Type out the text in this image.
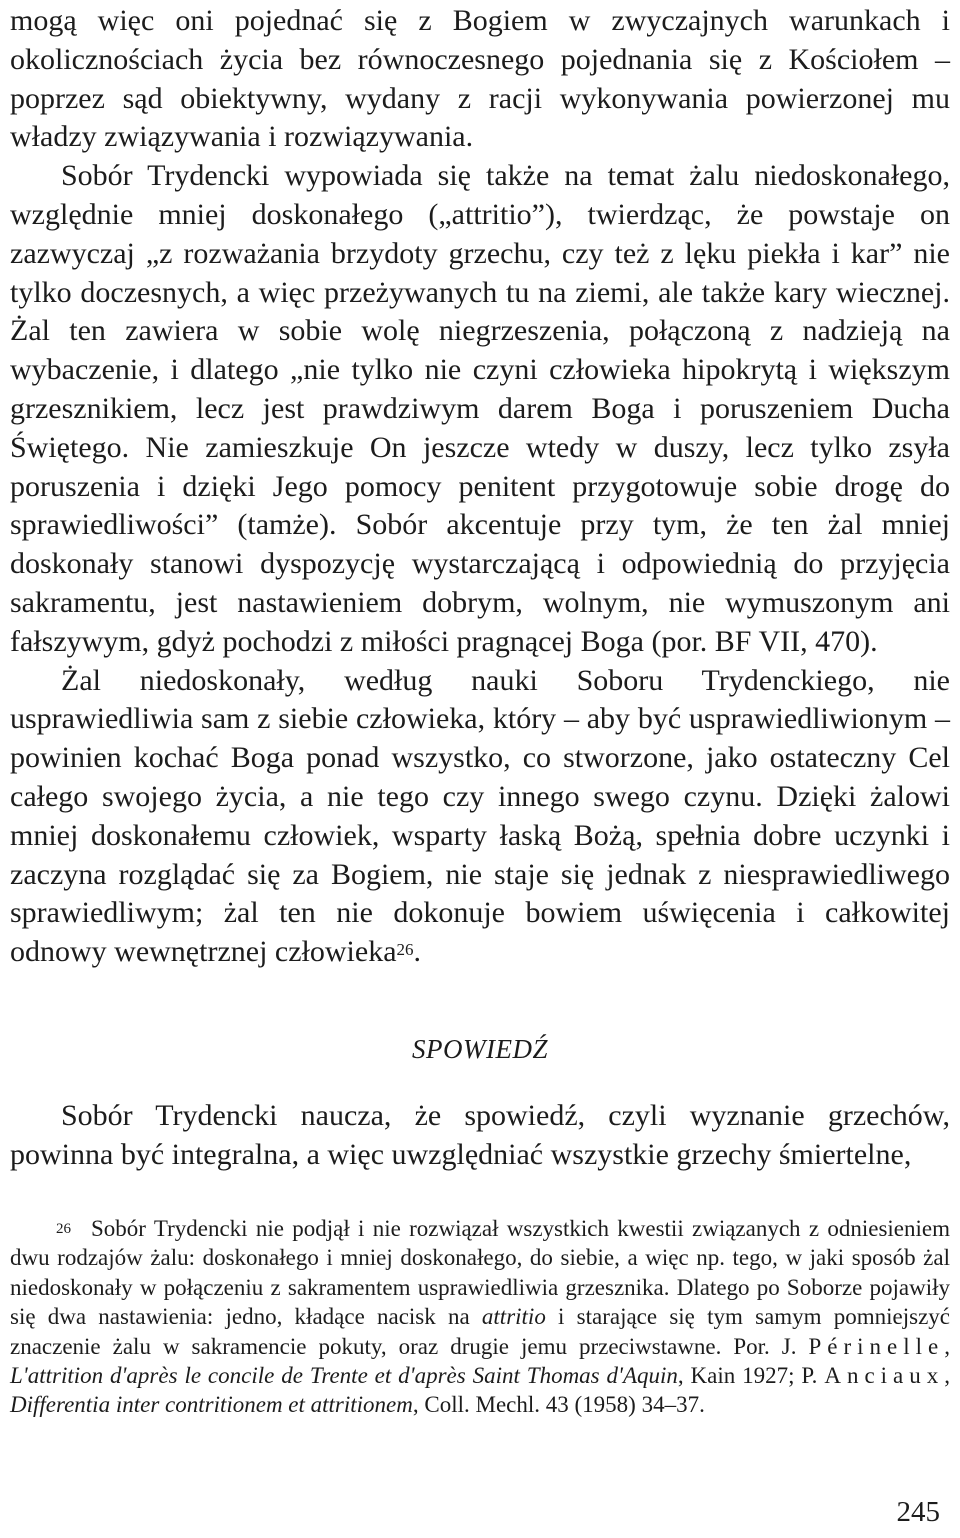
mogą więc oni pojednać się z Bogiem w zwyczajnych warunkach i okolicznościach życia bez równoczesnego pojednania się z Kościołem – poprzez sąd obiektywny, wydany z racji wykonywania powierzonej mu władzy związywania i rozwiązywania.

Sobór Trydencki wypowiada się także na temat żalu niedoskonałego, względnie mniej doskonałego („attritio”), twierdząc, że powstaje on zazwyczaj „z rozważania brzydoty grzechu, czy też z lęku piekła i kar” nie tylko doczesnych, a więc przeżywanych tu na ziemi, ale także kary wiecznej. Żal ten zawiera w sobie wolę niegrzeszenia, połączoną z nadzieją na wybaczenie, i dlatego „nie tylko nie czyni człowieka hipokrytą i większym grzesznikiem, lecz jest prawdziwym darem Boga i poruszeniem Ducha Świętego. Nie zamieszkuje On jeszcze wtedy w duszy, lecz tylko zsyła poruszenia i dzięki Jego pomocy penitent przygotowuje sobie drogę do sprawiedliwości” (tamże). Sobór akcentuje przy tym, że ten żal mniej doskonały stanowi dyspozycję wystarczającą i odpowiednią do przyjęcia sakramentu, jest nastawieniem dobrym, wolnym, nie wymuszonym ani fałszywym, gdyż pochodzi z miłości pragnącej Boga (por. BF VII, 470).

Żal niedoskonały, według nauki Soboru Trydenckiego, nie usprawiedliwia sam z siebie człowieka, który – aby być usprawiedliwionym – powinien kochać Boga ponad wszystko, co stworzone, jako ostateczny Cel całego swojego życia, a nie tego czy innego swego czynu. Dzięki żalowi mniej doskonałemu człowiek, wsparty łaską Bożą, spełnia dobre uczynki i zaczyna rozglądać się za Bogiem, nie staje się jednak z niesprawiedliwego sprawiedliwym; żal ten nie dokonuje bowiem uświęcenia i całkowitej odnowy wewnętrznej człowieka$^{26}$.

SPOWIEDŹ

Sobór Trydencki naucza, że spowiedź, czyli wyznanie grzechów, powinna być integralna, a więc uwzględniać wszystkie grzechy śmiertelne,

$^{26}$ Sobór Trydencki nie podjął i nie rozwiązał wszystkich kwestii związanych z odniesieniem dwu rodzajów żalu: doskonałego i mniej doskonałego, do siebie, a więc np. tego, w jaki sposób żal niedoskonały w połączeniu z sakramentem usprawiedliwia grzesznika. Dlatego po Soborze pojawiły się dwa nastawienia: jedno, kładące nacisk na attritio i starające się tym samym pomniejszyć znaczenie żalu w sakramencie pokuty, oraz drugie jemu przeciwstawne. Por. J. Périnelle, L'attrition d'après le concile de Trente et d'après Saint Thomas d'Aquin, Kain 1927; P. Anciaux, Differentia inter contritionem et attritionem, Coll. Mechl. 43 (1958) 34–37.

245
